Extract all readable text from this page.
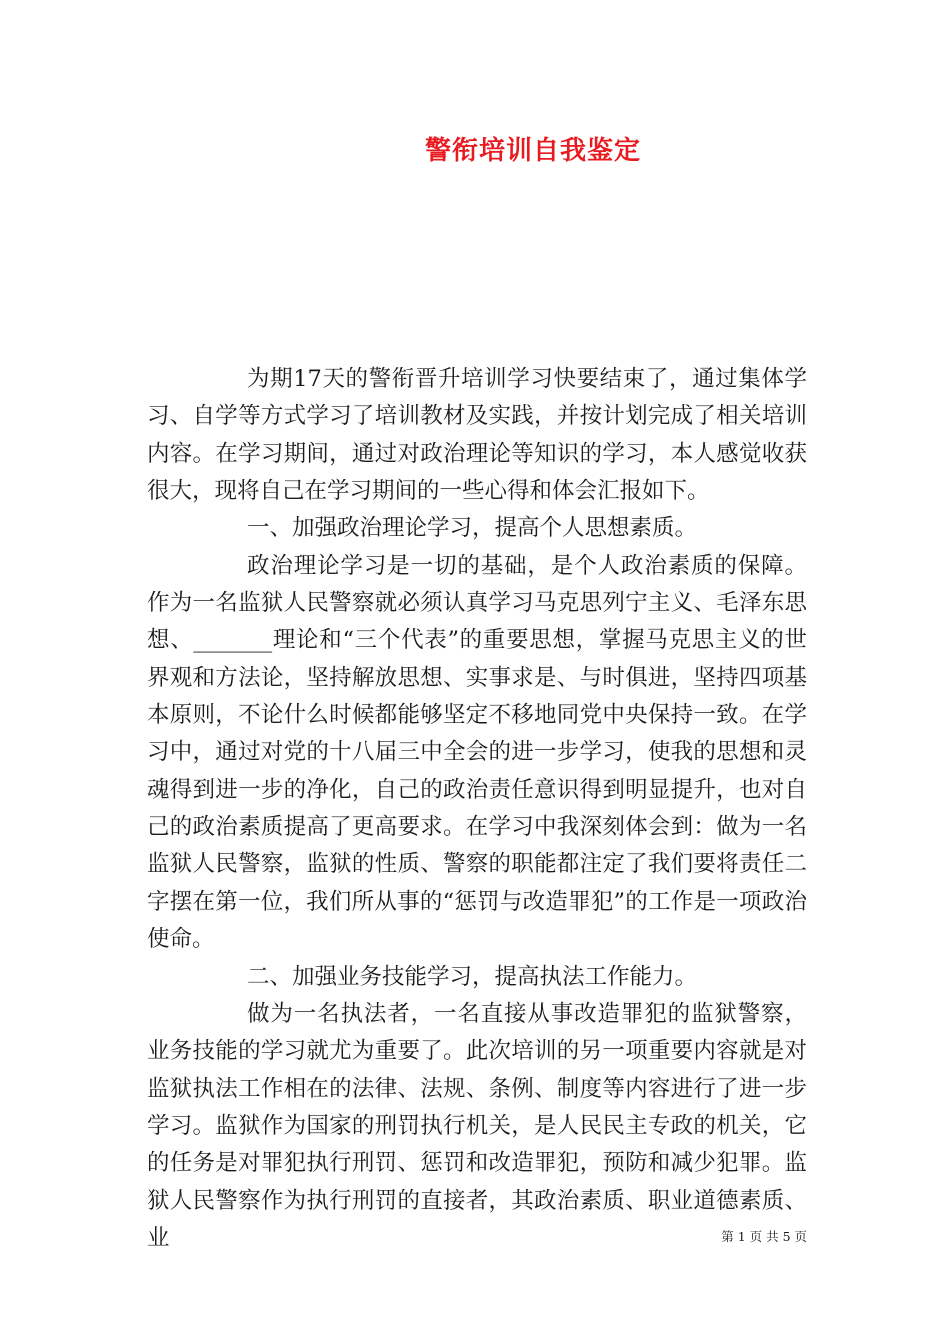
警衔培训自我鉴定

为期17天的警衔晋升培训学习快要结束了，通过集体学习、自学等方式学习了培训教材及实践，并按计划完成了相关培训内容。在学习期间，通过对政治理论等知识的学习，本人感觉收获很大，现将自己在学习期间的一些心得和体会汇报如下。

一、加强政治理论学习，提高个人思想素质。

政治理论学习是一切的基础，是个人政治素质的保障。作为一名监狱人民警察就必须认真学习马克思列宁主义、毛泽东思想、_______理论和“三个代表”的重要思想，掌握马克思主义的世界观和方法论，坚持解放思想、实事求是、与时俱进，坚持四项基本原则，不论什么时候都能够坚定不移地同党中央保持一致。在学习中，通过对党的十八届三中全会的进一步学习，使我的思想和灵魂得到进一步的净化，自己的政治责任意识得到明显提升，也对自己的政治素质提高了更高要求。在学习中我深刻体会到：做为一名监狱人民警察，监狱的性质、警察的职能都注定了我们要将责任二字摆在第一位，我们所从事的“惩罚与改造罪犯”的工作是一项政治使命。

二、加强业务技能学习，提高执法工作能力。

做为一名执法者，一名直接从事改造罪犯的监狱警察，业务技能的学习就尤为重要了。此次培训的另一项重要内容就是对监狱执法工作相在的法律、法规、条例、制度等内容进行了进一步学习。监狱作为国家的刑罚执行机关，是人民民主专政的机关，它的任务是对罪犯执行刑罚、惩罚和改造罪犯，预防和减少犯罪。监狱人民警察作为执行刑罚的直接者，其政治素质、职业道德素质、业	第 1 页 共 5 页
